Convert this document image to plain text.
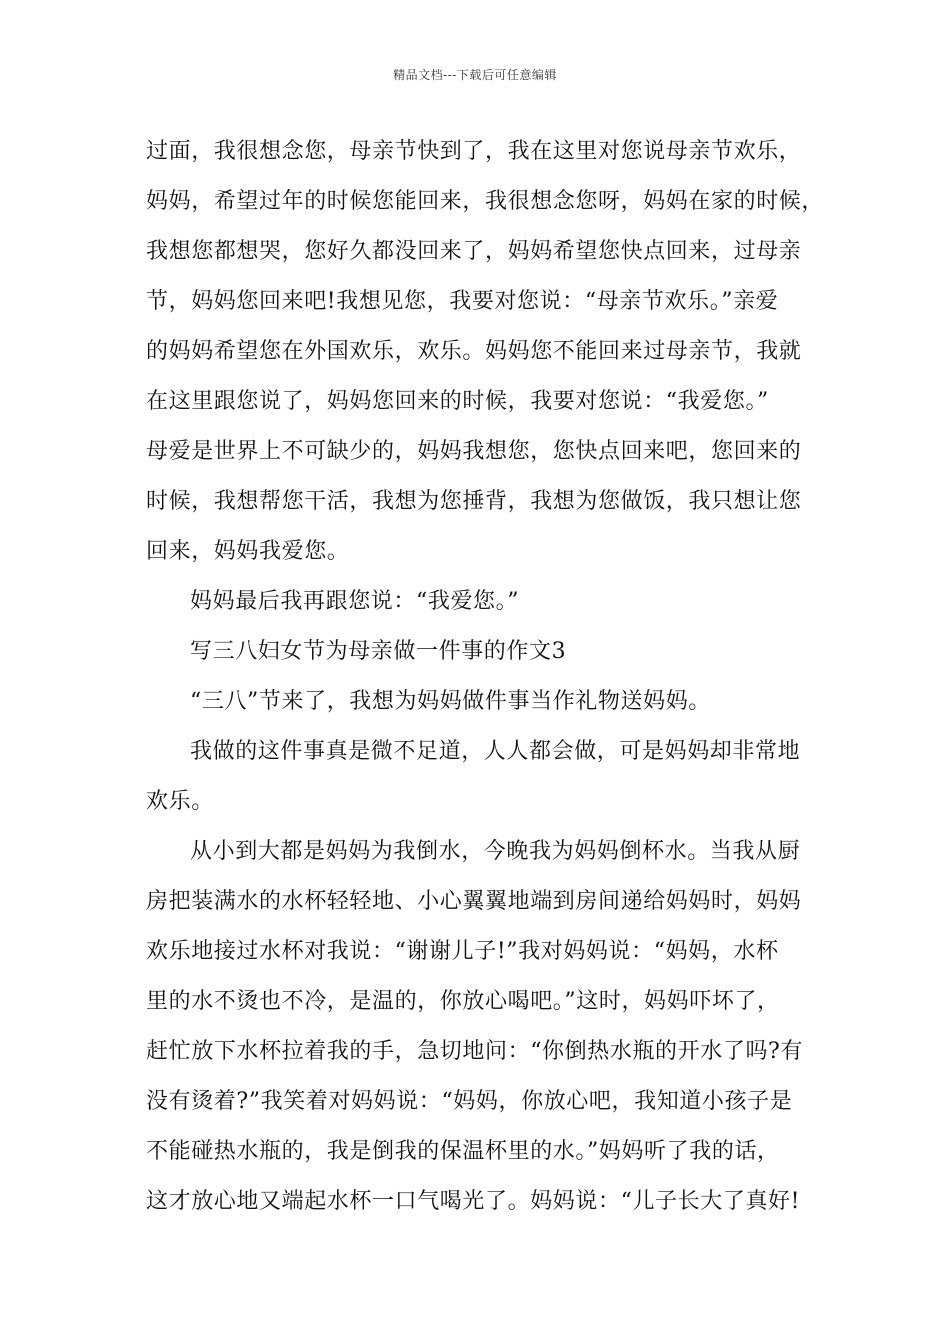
精品文档---下载后可任意编辑
过面，我很想念您，母亲节快到了，我在这里对您说母亲节欢乐，
妈妈，希望过年的时候您能回来，我很想念您呀，妈妈在家的时候，
我想您都想哭，您好久都没回来了，妈妈希望您快点回来，过母亲
节，妈妈您回来吧!我想见您，我要对您说：“母亲节欢乐。”亲爱
的妈妈希望您在外国欢乐，欢乐。妈妈您不能回来过母亲节，我就
在这里跟您说了，妈妈您回来的时候，我要对您说：“我爱您。”
母爱是世界上不可缺少的，妈妈我想您，您快点回来吧，您回来的
时候，我想帮您干活，我想为您捶背，我想为您做饭，我只想让您
回来，妈妈我爱您。
妈妈最后我再跟您说：“我爱您。”
写三八妇女节为母亲做一件事的作文3
“三八”节来了，我想为妈妈做件事当作礼物送妈妈。
我做的这件事真是微不足道，人人都会做，可是妈妈却非常地
欢乐。
从小到大都是妈妈为我倒水，今晚我为妈妈倒杯水。当我从厨
房把装满水的水杯轻轻地、小心翼翼地端到房间递给妈妈时，妈妈
欢乐地接过水杯对我说：“谢谢儿子!”我对妈妈说：“妈妈，水杯
里的水不烫也不冷，是温的，你放心喝吧。”这时，妈妈吓坏了，
赶忙放下水杯拉着我的手，急切地问：“你倒热水瓶的开水了吗?有
没有烫着?”我笑着对妈妈说：“妈妈，你放心吧，我知道小孩子是
不能碰热水瓶的，我是倒我的保温杯里的水。”妈妈听了我的话，
这才放心地又端起水杯一口气喝光了。妈妈说：“儿子长大了真好!
